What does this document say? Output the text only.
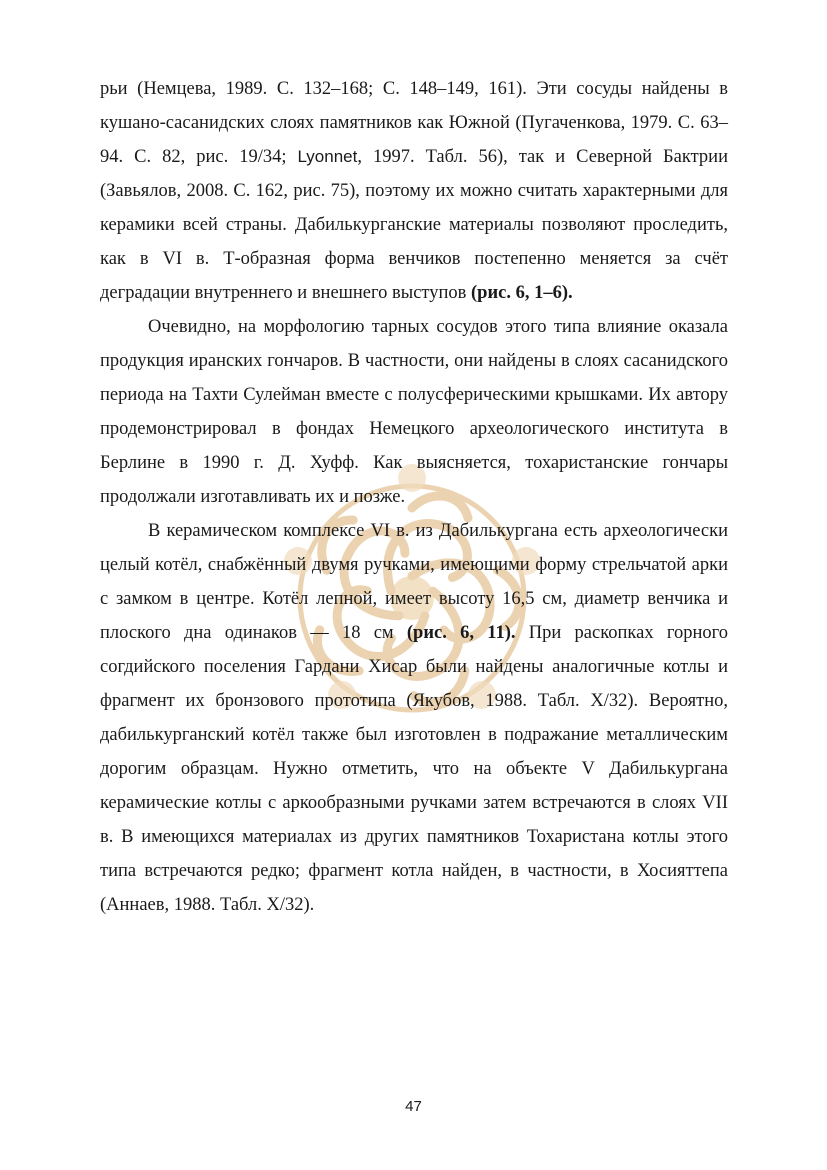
рьи (Немцева, 1989. С. 132–168; С. 148–149, 161). Эти сосуды найдены в кушано-сасанидских слоях памятников как Южной (Пугаченкова, 1979. С. 63–94. С. 82, рис. 19/34; Lyonnet, 1997. Табл. 56), так и Северной Бактрии (Завьялов, 2008. С. 162, рис. 75), поэтому их можно считать характерными для керамики всей страны. Дабилькурганские материалы позволяют проследить, как в VI в. Т-образная форма венчиков постепенно меняется за счёт деградации внутреннего и внешнего выступов (рис. 6, 1–6).

Очевидно, на морфологию тарных сосудов этого типа влияние оказала продукция иранских гончаров. В частности, они найдены в слоях сасанидского периода на Тахти Сулейман вместе с полусферическими крышками. Их автору продемонстрировал в фондах Немецкого археологического института в Берлине в 1990 г. Д. Хуфф. Как выясняется, тохаристанские гончары продолжали изготавливать их и позже.

В керамическом комплексе VI в. из Дабилькургана есть археологически целый котёл, снабжённый двумя ручками, имеющими форму стрельчатой арки с замком в центре. Котёл лепной, имеет высоту 16,5 см, диаметр венчика и плоского дна одинаков — 18 см (рис. 6, 11). При раскопках горного согдийского поселения Гардани Хисар были найдены аналогичные котлы и фрагмент их бронзового прототипа (Якубов, 1988. Табл. X/32). Вероятно, дабилькурганский котёл также был изготовлен в подражание металлическим дорогим образцам. Нужно отметить, что на объекте V Дабилькургана керамические котлы с аркообразными ручками затем встречаются в слоях VII в. В имеющихся материалах из других памятников Тохаристана котлы этого типа встречаются редко; фрагмент котла найден, в частности, в Хосияттепа (Аннаев, 1988. Табл. X/32).

47
